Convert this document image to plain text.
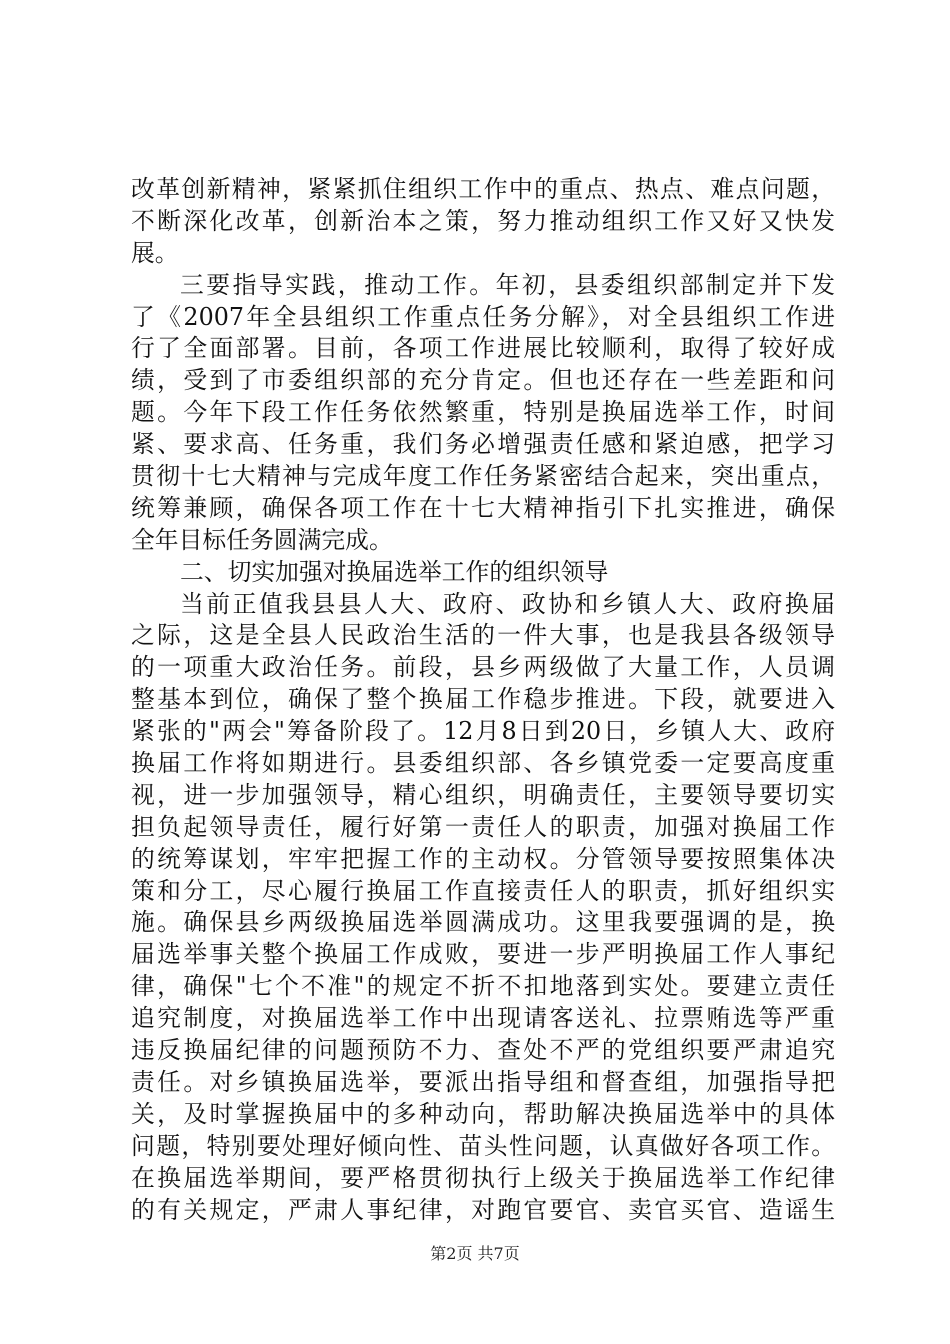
改革创新精神，紧紧抓住组织工作中的重点、热点、难点问题，
不断深化改革，创新治本之策，努力推动组织工作又好又快发
展。
三要指导实践，推动工作。年初，县委组织部制定并下发
了《2007年全县组织工作重点任务分解》，对全县组织工作进
行了全面部署。目前，各项工作进展比较顺利，取得了较好成
绩，受到了市委组织部的充分肯定。但也还存在一些差距和问
题。今年下段工作任务依然繁重，特别是换届选举工作，时间
紧、要求高、任务重，我们务必增强责任感和紧迫感，把学习
贯彻十七大精神与完成年度工作任务紧密结合起来，突出重点，
统筹兼顾，确保各项工作在十七大精神指引下扎实推进，确保
全年目标任务圆满完成。
二、切实加强对换届选举工作的组织领导
当前正值我县县人大、政府、政协和乡镇人大、政府换届
之际，这是全县人民政治生活的一件大事，也是我县各级领导
的一项重大政治任务。前段，县乡两级做了大量工作，人员调
整基本到位，确保了整个换届工作稳步推进。下段，就要进入
紧张的"两会"筹备阶段了。12月8日到20日，乡镇人大、政府
换届工作将如期进行。县委组织部、各乡镇党委一定要高度重
视，进一步加强领导，精心组织，明确责任，主要领导要切实
担负起领导责任，履行好第一责任人的职责，加强对换届工作
的统筹谋划，牢牢把握工作的主动权。分管领导要按照集体决
策和分工，尽心履行换届工作直接责任人的职责，抓好组织实
施。确保县乡两级换届选举圆满成功。这里我要强调的是，换
届选举事关整个换届工作成败，要进一步严明换届工作人事纪
律，确保"七个不准"的规定不折不扣地落到实处。要建立责任
追究制度，对换届选举工作中出现请客送礼、拉票贿选等严重
违反换届纪律的问题预防不力、查处不严的党组织要严肃追究
责任。对乡镇换届选举，要派出指导组和督查组，加强指导把
关，及时掌握换届中的多种动向，帮助解决换届选举中的具体
问题，特别要处理好倾向性、苗头性问题，认真做好各项工作。
在换届选举期间，要严格贯彻执行上级关于换届选举工作纪律
的有关规定，严肃人事纪律，对跑官要官、卖官买官、造谣生
第2页 共7页
